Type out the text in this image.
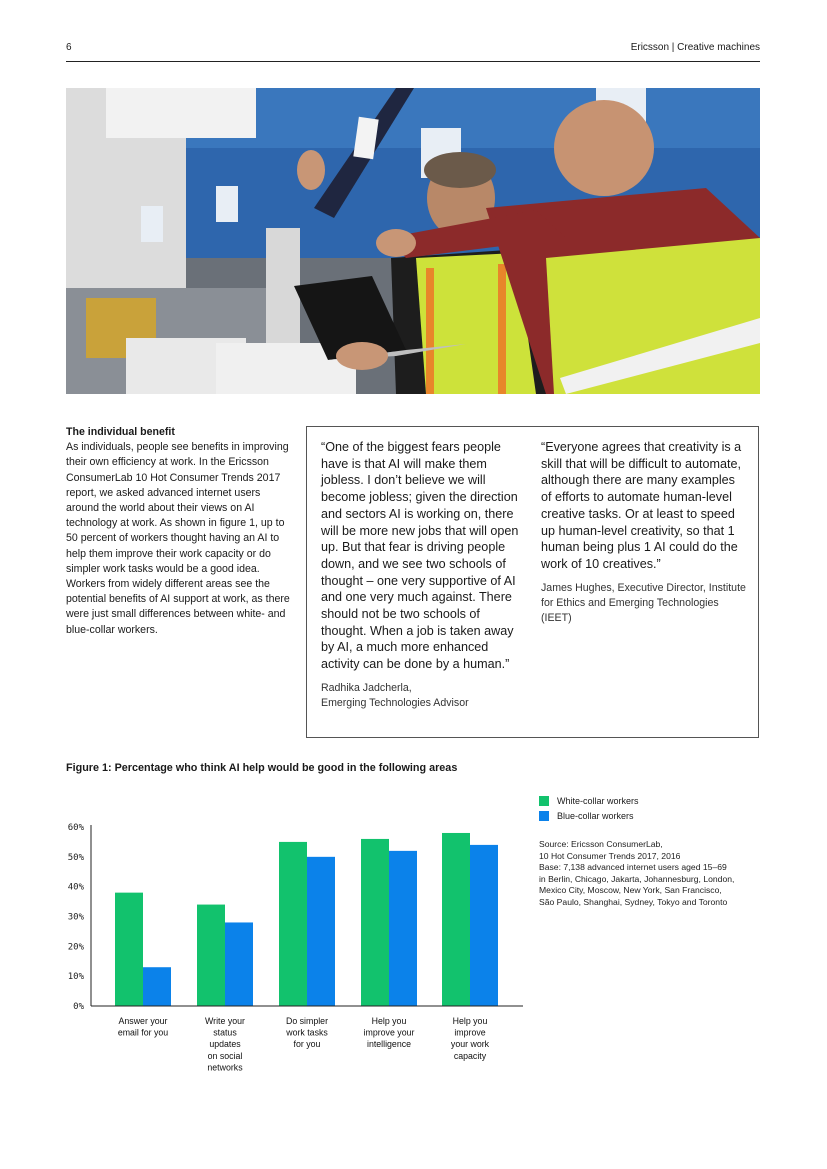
6	Ericsson | Creative machines
The individual benefit

As individuals, people see benefits in improving their own efficiency at work. In the Ericsson ConsumerLab 10 Hot Consumer Trends 2017 report, we asked advanced internet users around the world about their views on AI technology at work. As shown in figure 1, up to 50 percent of workers thought having an AI to help them improve their work capacity or do simpler work tasks would be a good idea. Workers from widely different areas see the potential benefits of AI support at work, as there were just small differences between white- and blue-collar workers.

“One of the biggest fears people have is that AI will make them jobless. I don’t believe we will become jobless; given the direction and sectors AI is working on, there will be more new jobs that will open up. But that fear is driving people down, and we see two schools of thought – one very supportive of AI and one very much against. There should not be two schools of thought. When a job is taken away by AI, a much more enhanced activity can be done by a human.”

Radhika Jadcherla,
Emerging Technologies Advisor

“Everyone agrees that creativity is a skill that will be difficult to automate, although there are many examples of efforts to automate human-level creative tasks. Or at least to speed up human-level creativity, so that 1 human being plus 1 AI could do the work of 10 creatives.”

James Hughes, Executive Director, Institute for Ethics and Emerging Technologies (IEET)
Figure 1: Percentage who think AI help would be good in the following areas
0%
10%
20%
30%
40%
50%
60%
Answer your
email for you
Write your
status
updates
on social
networks
Do simpler
work tasks
for you
Help you
improve your
intelligence
Help you
improve
your work
capacity
White-collar workers
Blue-collar workers
Source: Ericsson ConsumerLab,
10 Hot Consumer Trends 2017, 2016
Base: 7,138 advanced internet users aged 15–69
in Berlin, Chicago, Jakarta, Johannesburg, London,
Mexico City, Moscow, New York, San Francisco,
São Paulo, Shanghai, Sydney, Tokyo and Toronto
